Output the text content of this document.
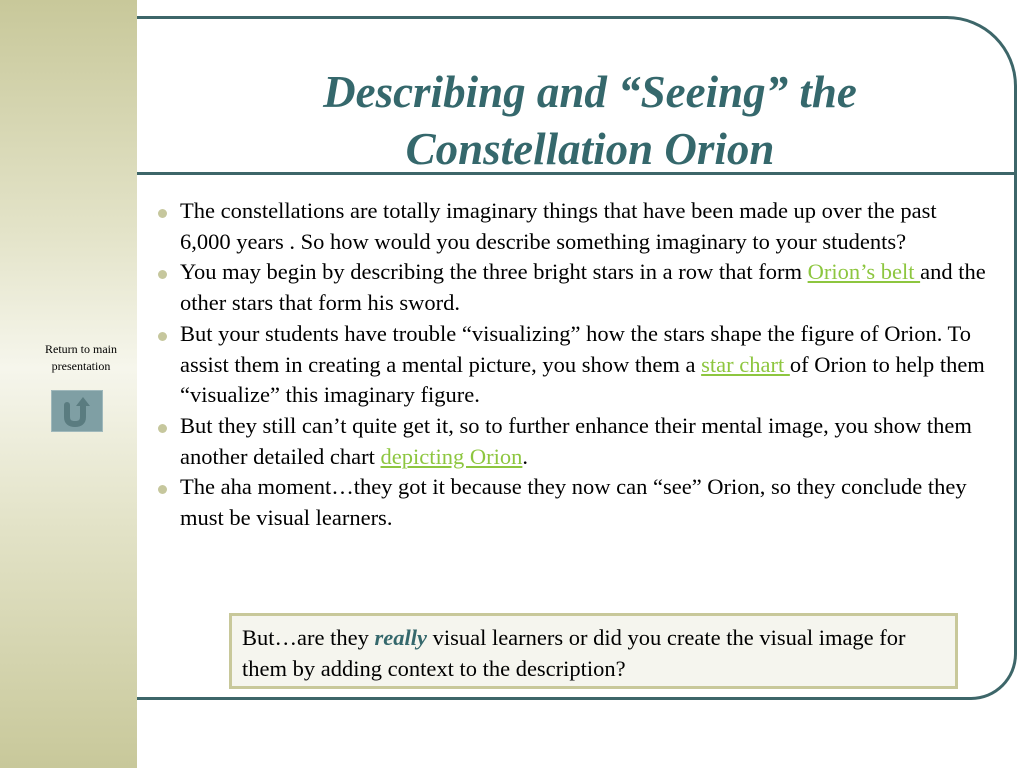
Return to main presentation
Describing and “Seeing” the
Constellation Orion
The constellations are totally imaginary things that have been made up over the past 6,000 years . So how would you describe something imaginary to your students?
You may begin by describing the three bright stars in a row that form Orion’s belt and the other stars that form his sword.
But your students have trouble “visualizing” how the stars shape the figure of Orion. To assist them in creating a mental picture, you show them a star chart of Orion to help them “visualize” this imaginary figure.
But they still can’t quite get it, so to further enhance their mental image, you show them another detailed chart depicting Orion.
The aha moment…they got it because they now can “see” Orion, so they conclude they must be visual learners.
But…are they really visual learners or did you create the visual image for them by adding context to the description?
